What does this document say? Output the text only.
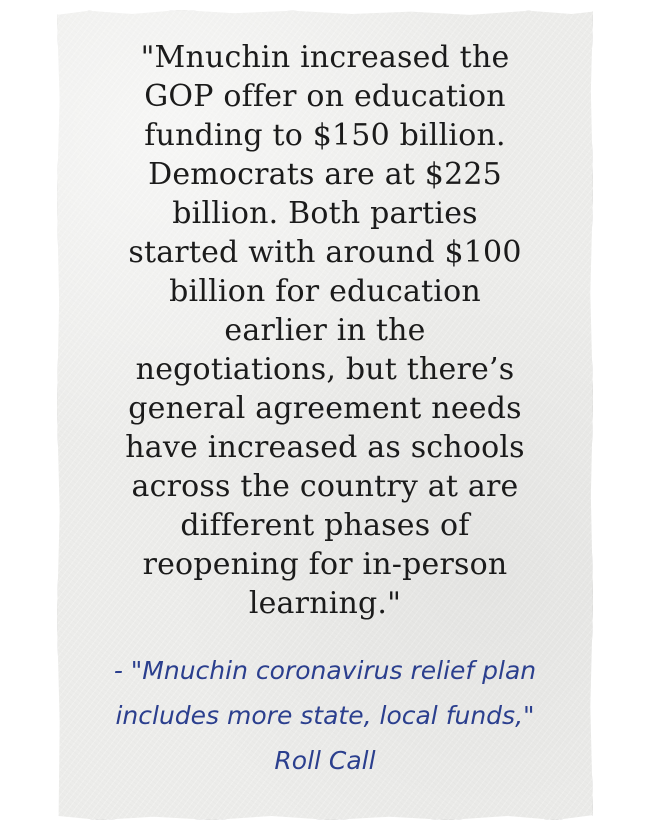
"Mnuchin increased the
GOP offer on education
funding to $150 billion.
Democrats are at $225
billion. Both parties
started with around $100
billion for education
earlier in the
negotiations, but there’s
general agreement needs
have increased as schools
across the country at are
different phases of
reopening for in-person
learning."

- "Mnuchin coronavirus relief plan
includes more state, local funds,"
Roll Call
